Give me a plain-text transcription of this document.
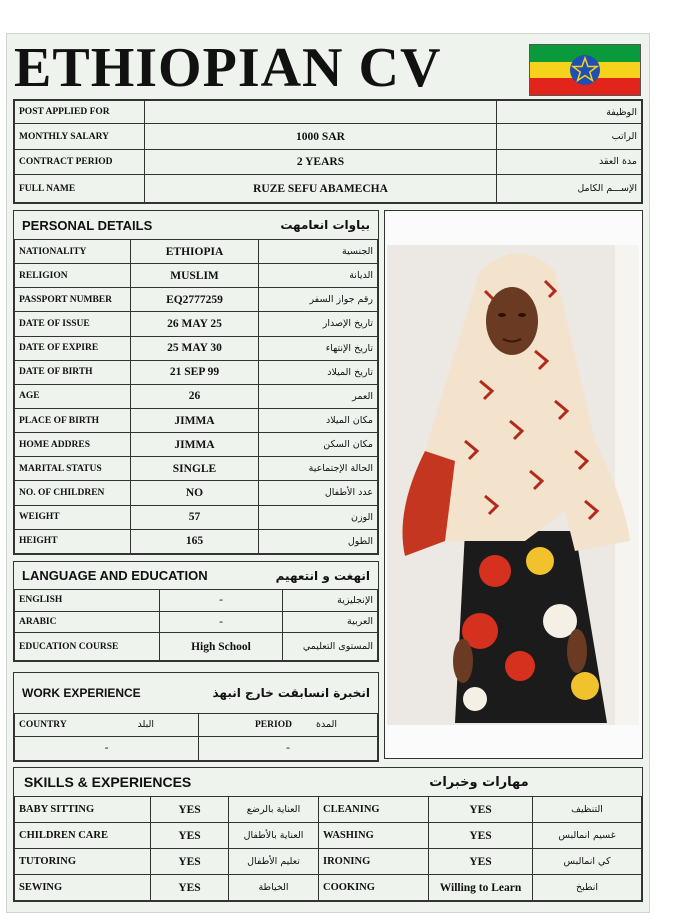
ETHIOPIAN CV
POST APPLIED FOR		الوظيفة
MONTHLY SALARY	1000 SAR	الراتب
CONTRACT PERIOD	2 YEARS	مدة العقد
FULL NAME	RUZE SEFU ABAMECHA	الإســـم الكامل
PERSONAL DETAILS	بياوات انعامهت
NATIONALITY	ETHIOPIA	الجنسية
RELIGION	MUSLIM	الديانة
PASSPORT NUMBER	EQ2777259	رقم جواز السفر
DATE OF ISSUE	26 MAY 25	تاريخ الإصدار
DATE OF EXPIRE	25 MAY 30	تاريخ الإنتهاء
DATE OF BIRTH	21 SEP 99	تاريخ الميلاد
AGE	26	العمر
PLACE OF BIRTH	JIMMA	مكان الميلاد
HOME ADDRES	JIMMA	مكان السكن
MARITAL STATUS	SINGLE	الحالة الإجتماعية
NO. OF CHILDREN	NO	عدد الأطفال
WEIGHT	57	الوزن
HEIGHT	165	الطول
LANGUAGE AND EDUCATION	انهغت و انتعهيم
ENGLISH	-	الإنجليزية
ARABIC	-	العربية
EDUCATION COURSE	High School	المستوى التعليمي
WORK EXPERIENCE	انخبرة انسابقت خارج انبهذ
COUNTRY البلد	PERIOD المدة

-	-
SKILLS & EXPERIENCES	مهارات وخبرات
BABY SITTING	YES	العناية بالرضع	CLEANING	YES	التنظيف
CHILDREN CARE	YES	العناية بالأطفال	WASHING	YES	غسيم انمالبس
TUTORING	YES	تعليم الأطفال	IRONING	YES	كي انمالبس
SEWING	YES	الخياطة	COOKING	Willing to Learn	انطبخ
